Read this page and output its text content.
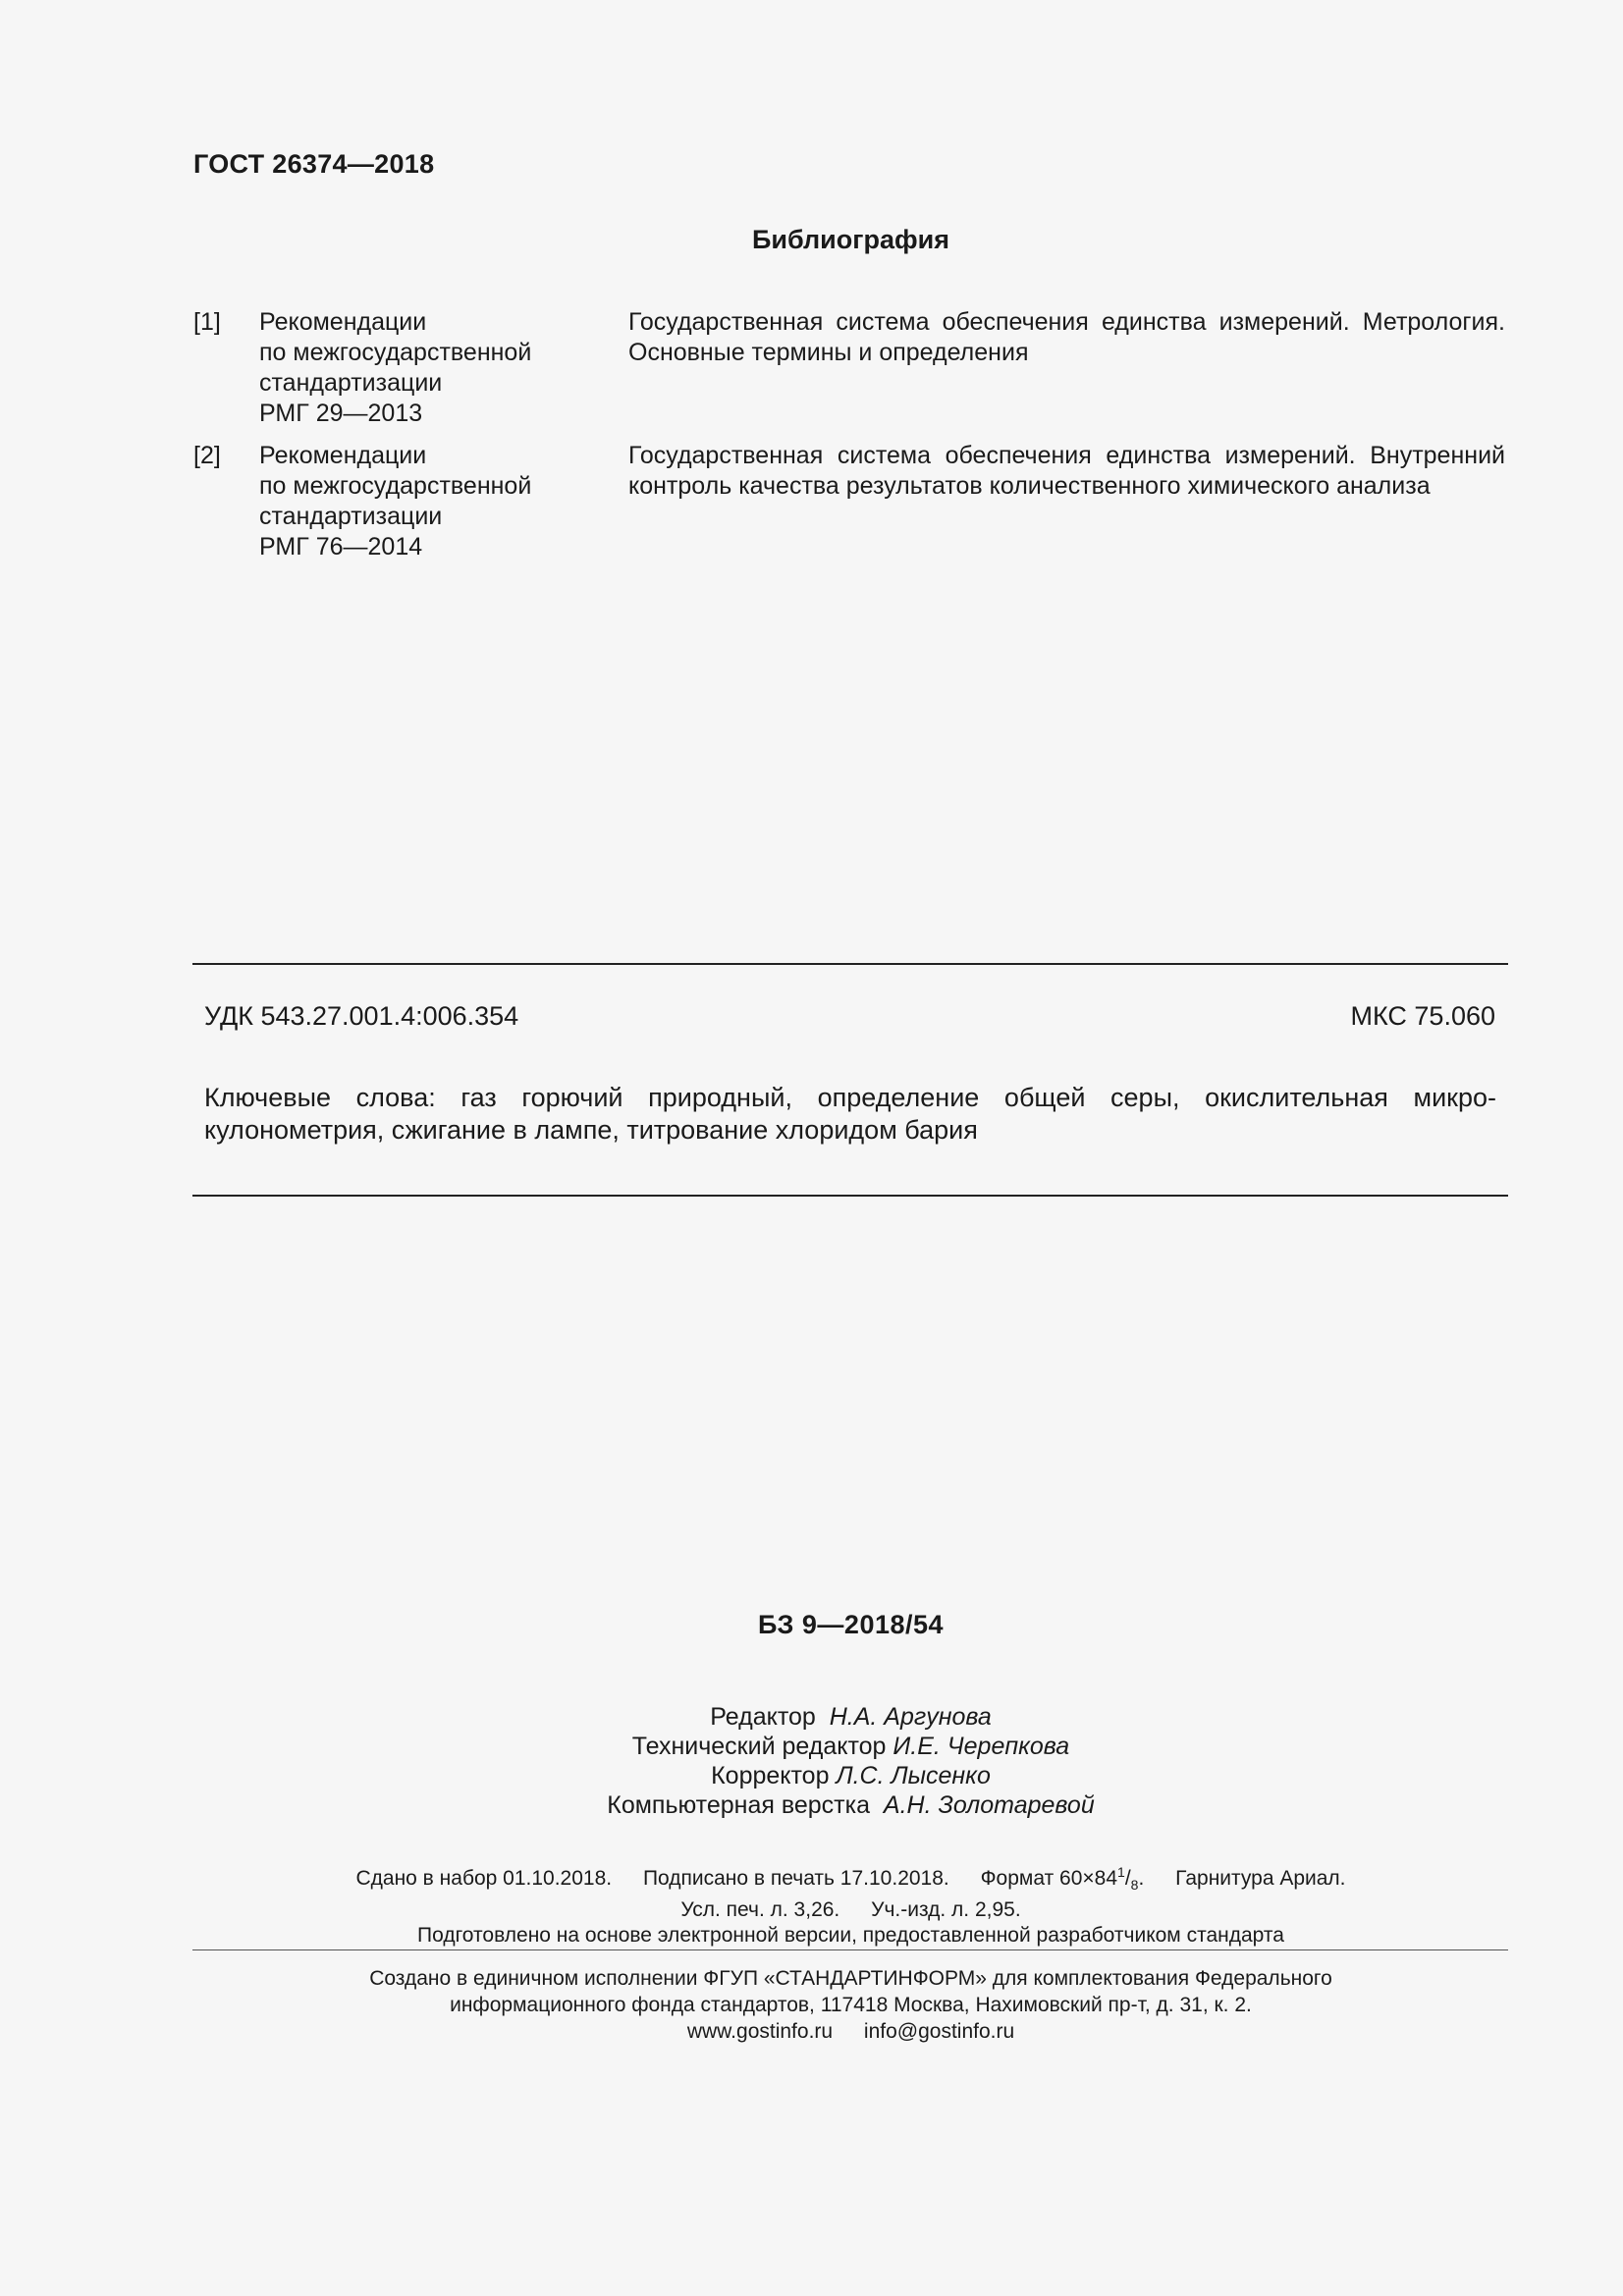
ГОСТ 26374—2018
Библиография
[1] Рекомендации
по межгосударственной
стандартизации
РМГ 29—2013
Государственная система обеспечения единства измерений. Метрология. Основные термины и определения
[2] Рекомендации
по межгосударственной
стандартизации
РМГ 76—2014
Государственная система обеспечения единства измерений. Внутренний контроль качества результатов количественного химического анализа
УДК 543.27.001.4:006.354	МКС 75.060
Ключевые слова: газ горючий природный, определение общей серы, окислительная микро-кулонометрия, сжигание в лампе, титрование хлоридом бария
БЗ 9—2018/54
Редактор Н.А. Аргунова
Технический редактор И.Е. Черепкова
Корректор Л.С. Лысенко
Компьютерная верстка А.Н. Золотаревой
Сдано в набор 01.10.2018. Подписано в печать 17.10.2018. Формат $60\times 84^1/_8$. Гарнитура Ариал.
Усл. печ. л. 3,26. Уч.-изд. л. 2,95.
Подготовлено на основе электронной версии, предоставленной разработчиком стандарта
Создано в единичном исполнении ФГУП «СТАНДАРТИНФОРМ» для комплектования Федерального
информационного фонда стандартов, 117418 Москва, Нахимовский пр-т, д. 31, к. 2.
www.gostinfo.ru info@gostinfo.ru
